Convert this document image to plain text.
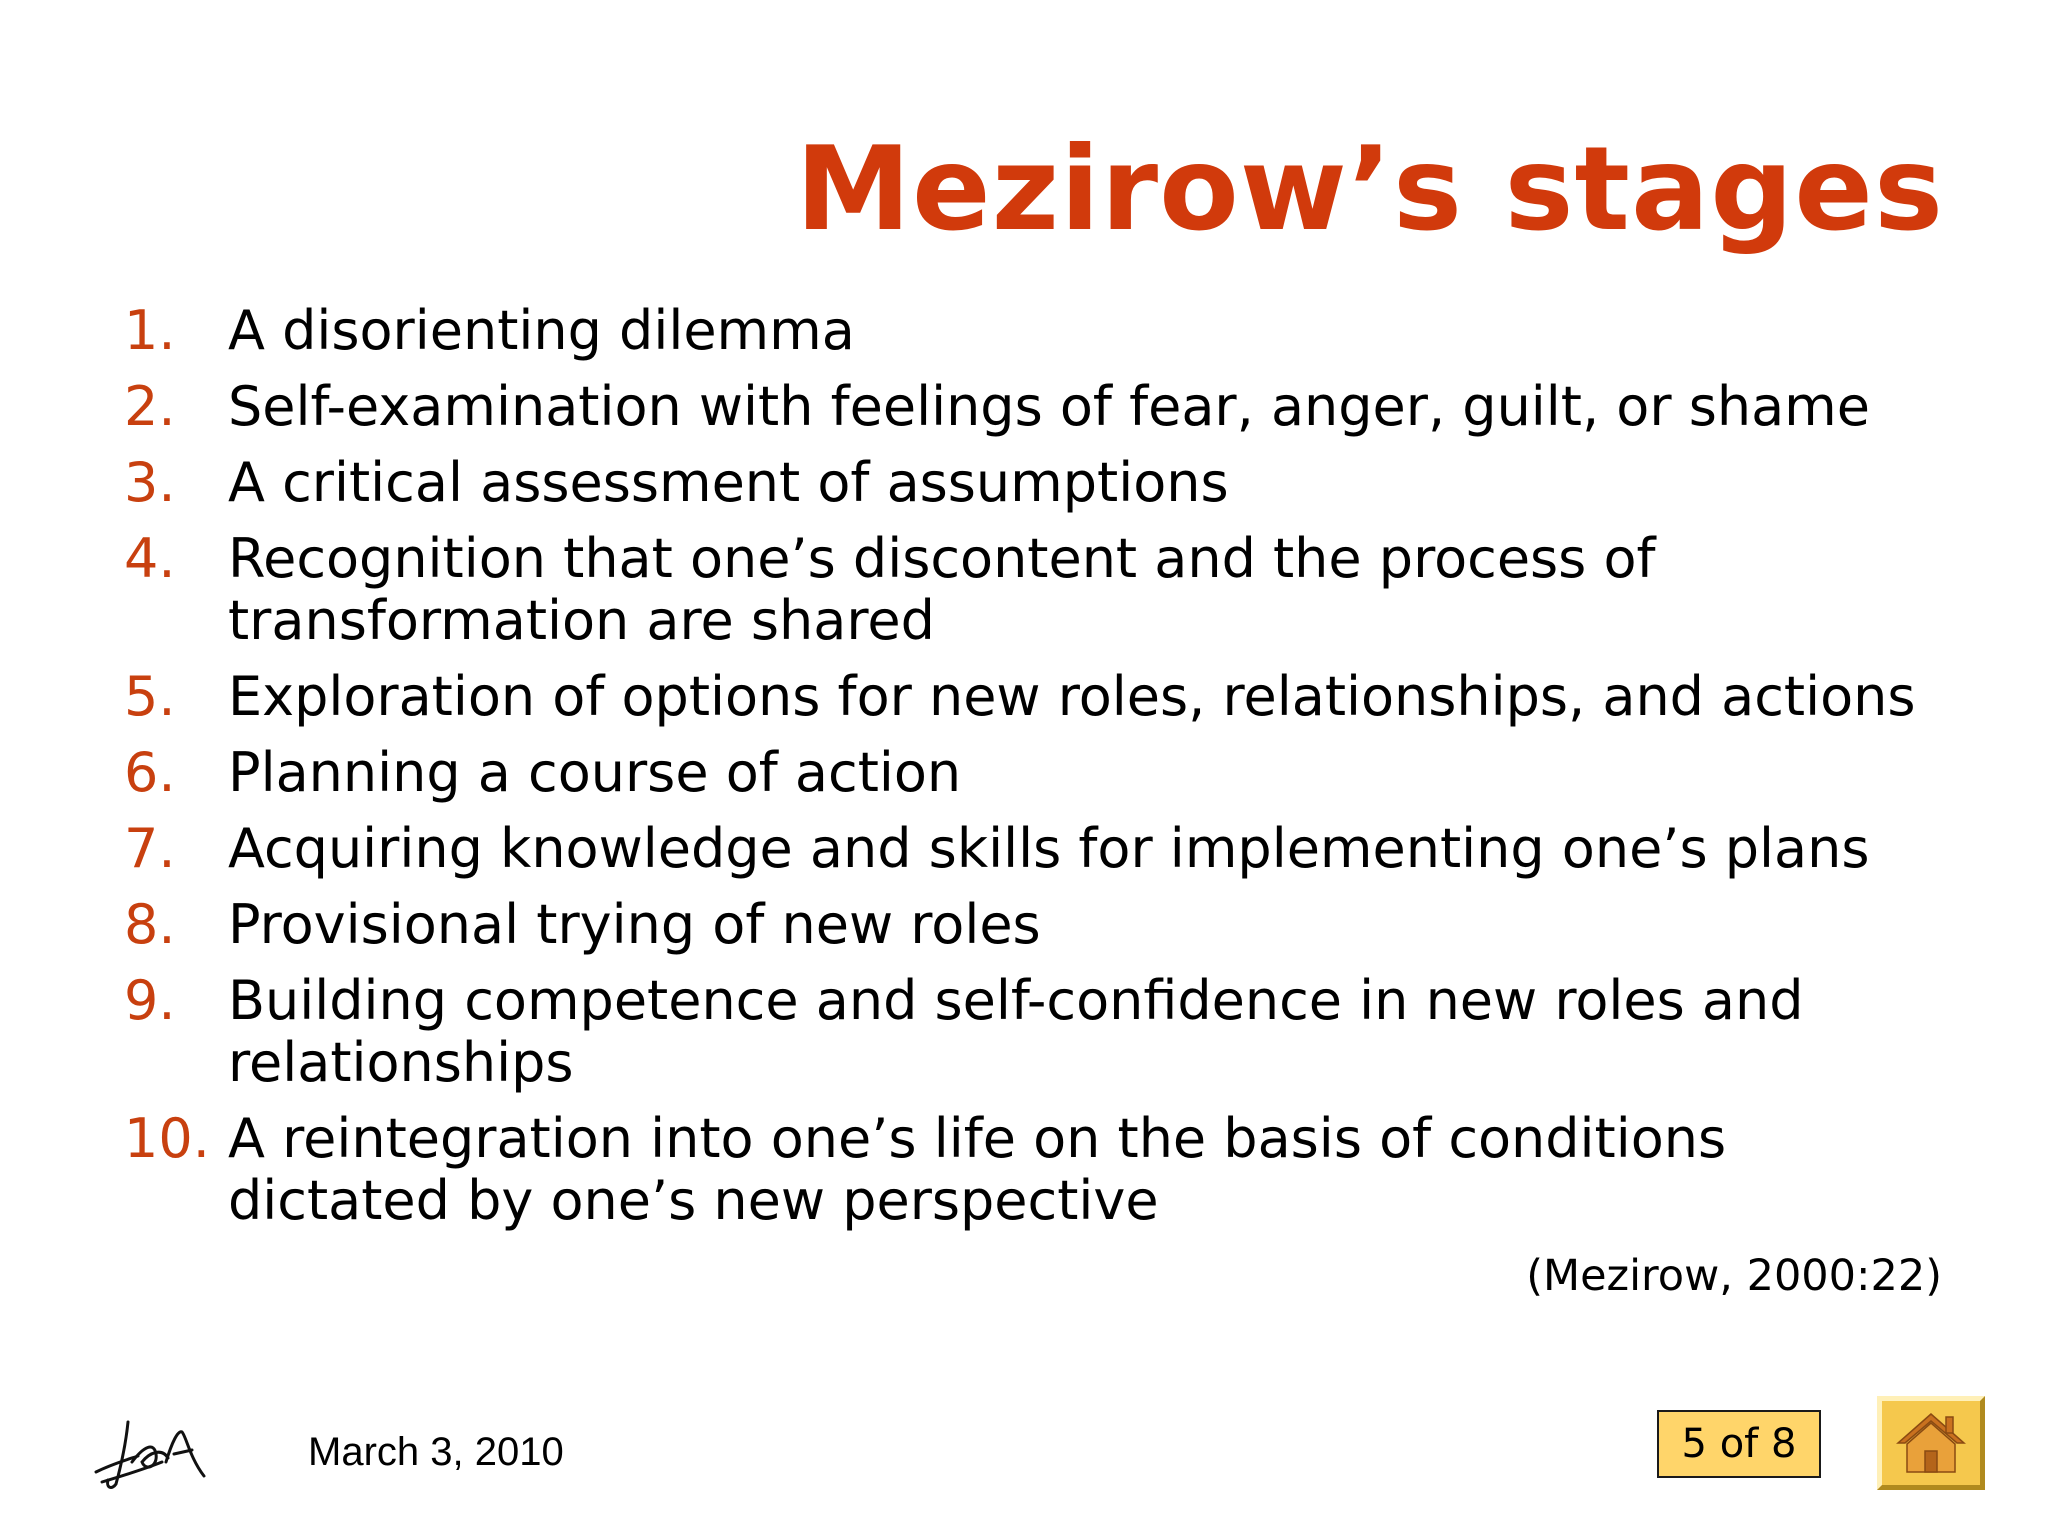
Mezirow’s stages
1. A disorienting dilemma
2. Self-examination with feelings of fear, anger, guilt, or shame
3. A critical assessment of assumptions
4. Recognition that one’s discontent and the process of transformation are shared
5. Exploration of options for new roles, relationships, and actions
6. Planning a course of action
7. Acquiring knowledge and skills for implementing one’s plans
8. Provisional trying of new roles
9. Building competence and self-confidence in new roles and relationships
10. A reintegration into one’s life on the basis of conditions dictated by one’s new perspective
(Mezirow, 2000:22)
March 3, 2010	5 of 8
